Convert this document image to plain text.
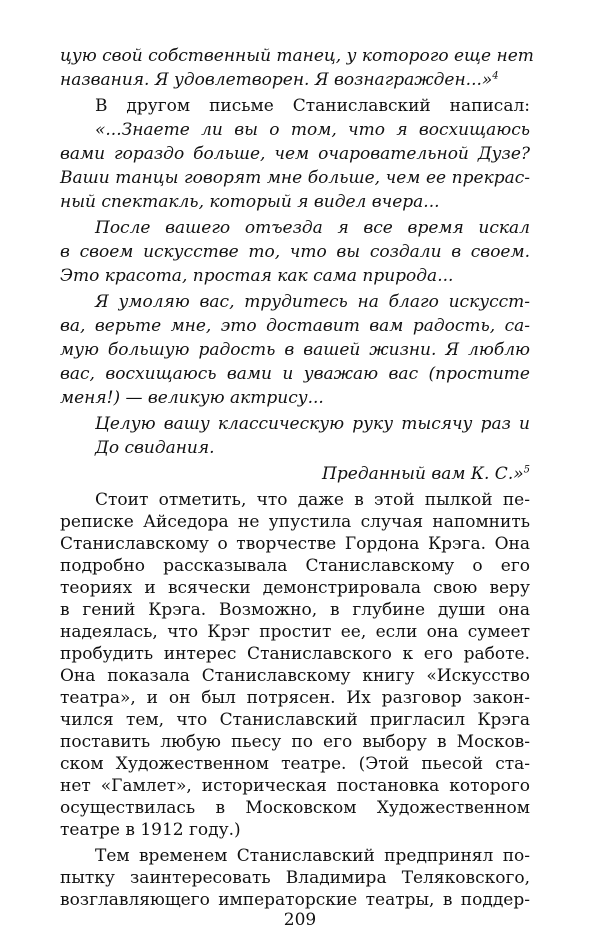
цую свой собственный танец, у которого еще нет
названия. Я удовлетворен. Я вознагражден...»$^4$
В другом письме Станиславский написал:
«...Знаете ли вы о том, что я восхищаюсь
вами гораздо больше, чем очаровательной Дузе?
Ваши танцы говорят мне больше, чем ее прекрас-
ный спектакль, который я видел вчера...
После вашего отъезда я все время искал
в своем искусстве то, что вы создали в своем.
Это красота, простая как сама природа...
Я умоляю вас, трудитесь на благо искусст-
ва, верьте мне, это доставит вам радость, са-
мую большую радость в вашей жизни. Я люблю
вас, восхищаюсь вами и уважаю вас (простите
меня!) — великую актрису...
Целую вашу классическую руку тысячу раз и
До свидания.
Преданный вам К. С.»$^5$
Стоит отметить, что даже в этой пылкой пе-
реписке Айседора не упустила случая напомнить
Станиславскому о творчестве Гордона Крэга. Она
подробно рассказывала Станиславскому о его
теориях и всячески демонстрировала свою веру
в гений Крэга. Возможно, в глубине души она
надеялась, что Крэг простит ее, если она сумеет
пробудить интерес Станиславского к его работе.
Она показала Станиславскому книгу «Искусство
театра», и он был потрясен. Их разговор закон-
чился тем, что Станиславский пригласил Крэга
поставить любую пьесу по его выбору в Москов-
ском Художественном театре. (Этой пьесой ста-
нет «Гамлет», историческая постановка которого
осуществилась в Московском Художественном
театре в 1912 году.)
Тем временем Станиславский предпринял по-
пытку заинтересовать Владимира Теляковского,
возглавляющего императорские театры, в поддер-
209
